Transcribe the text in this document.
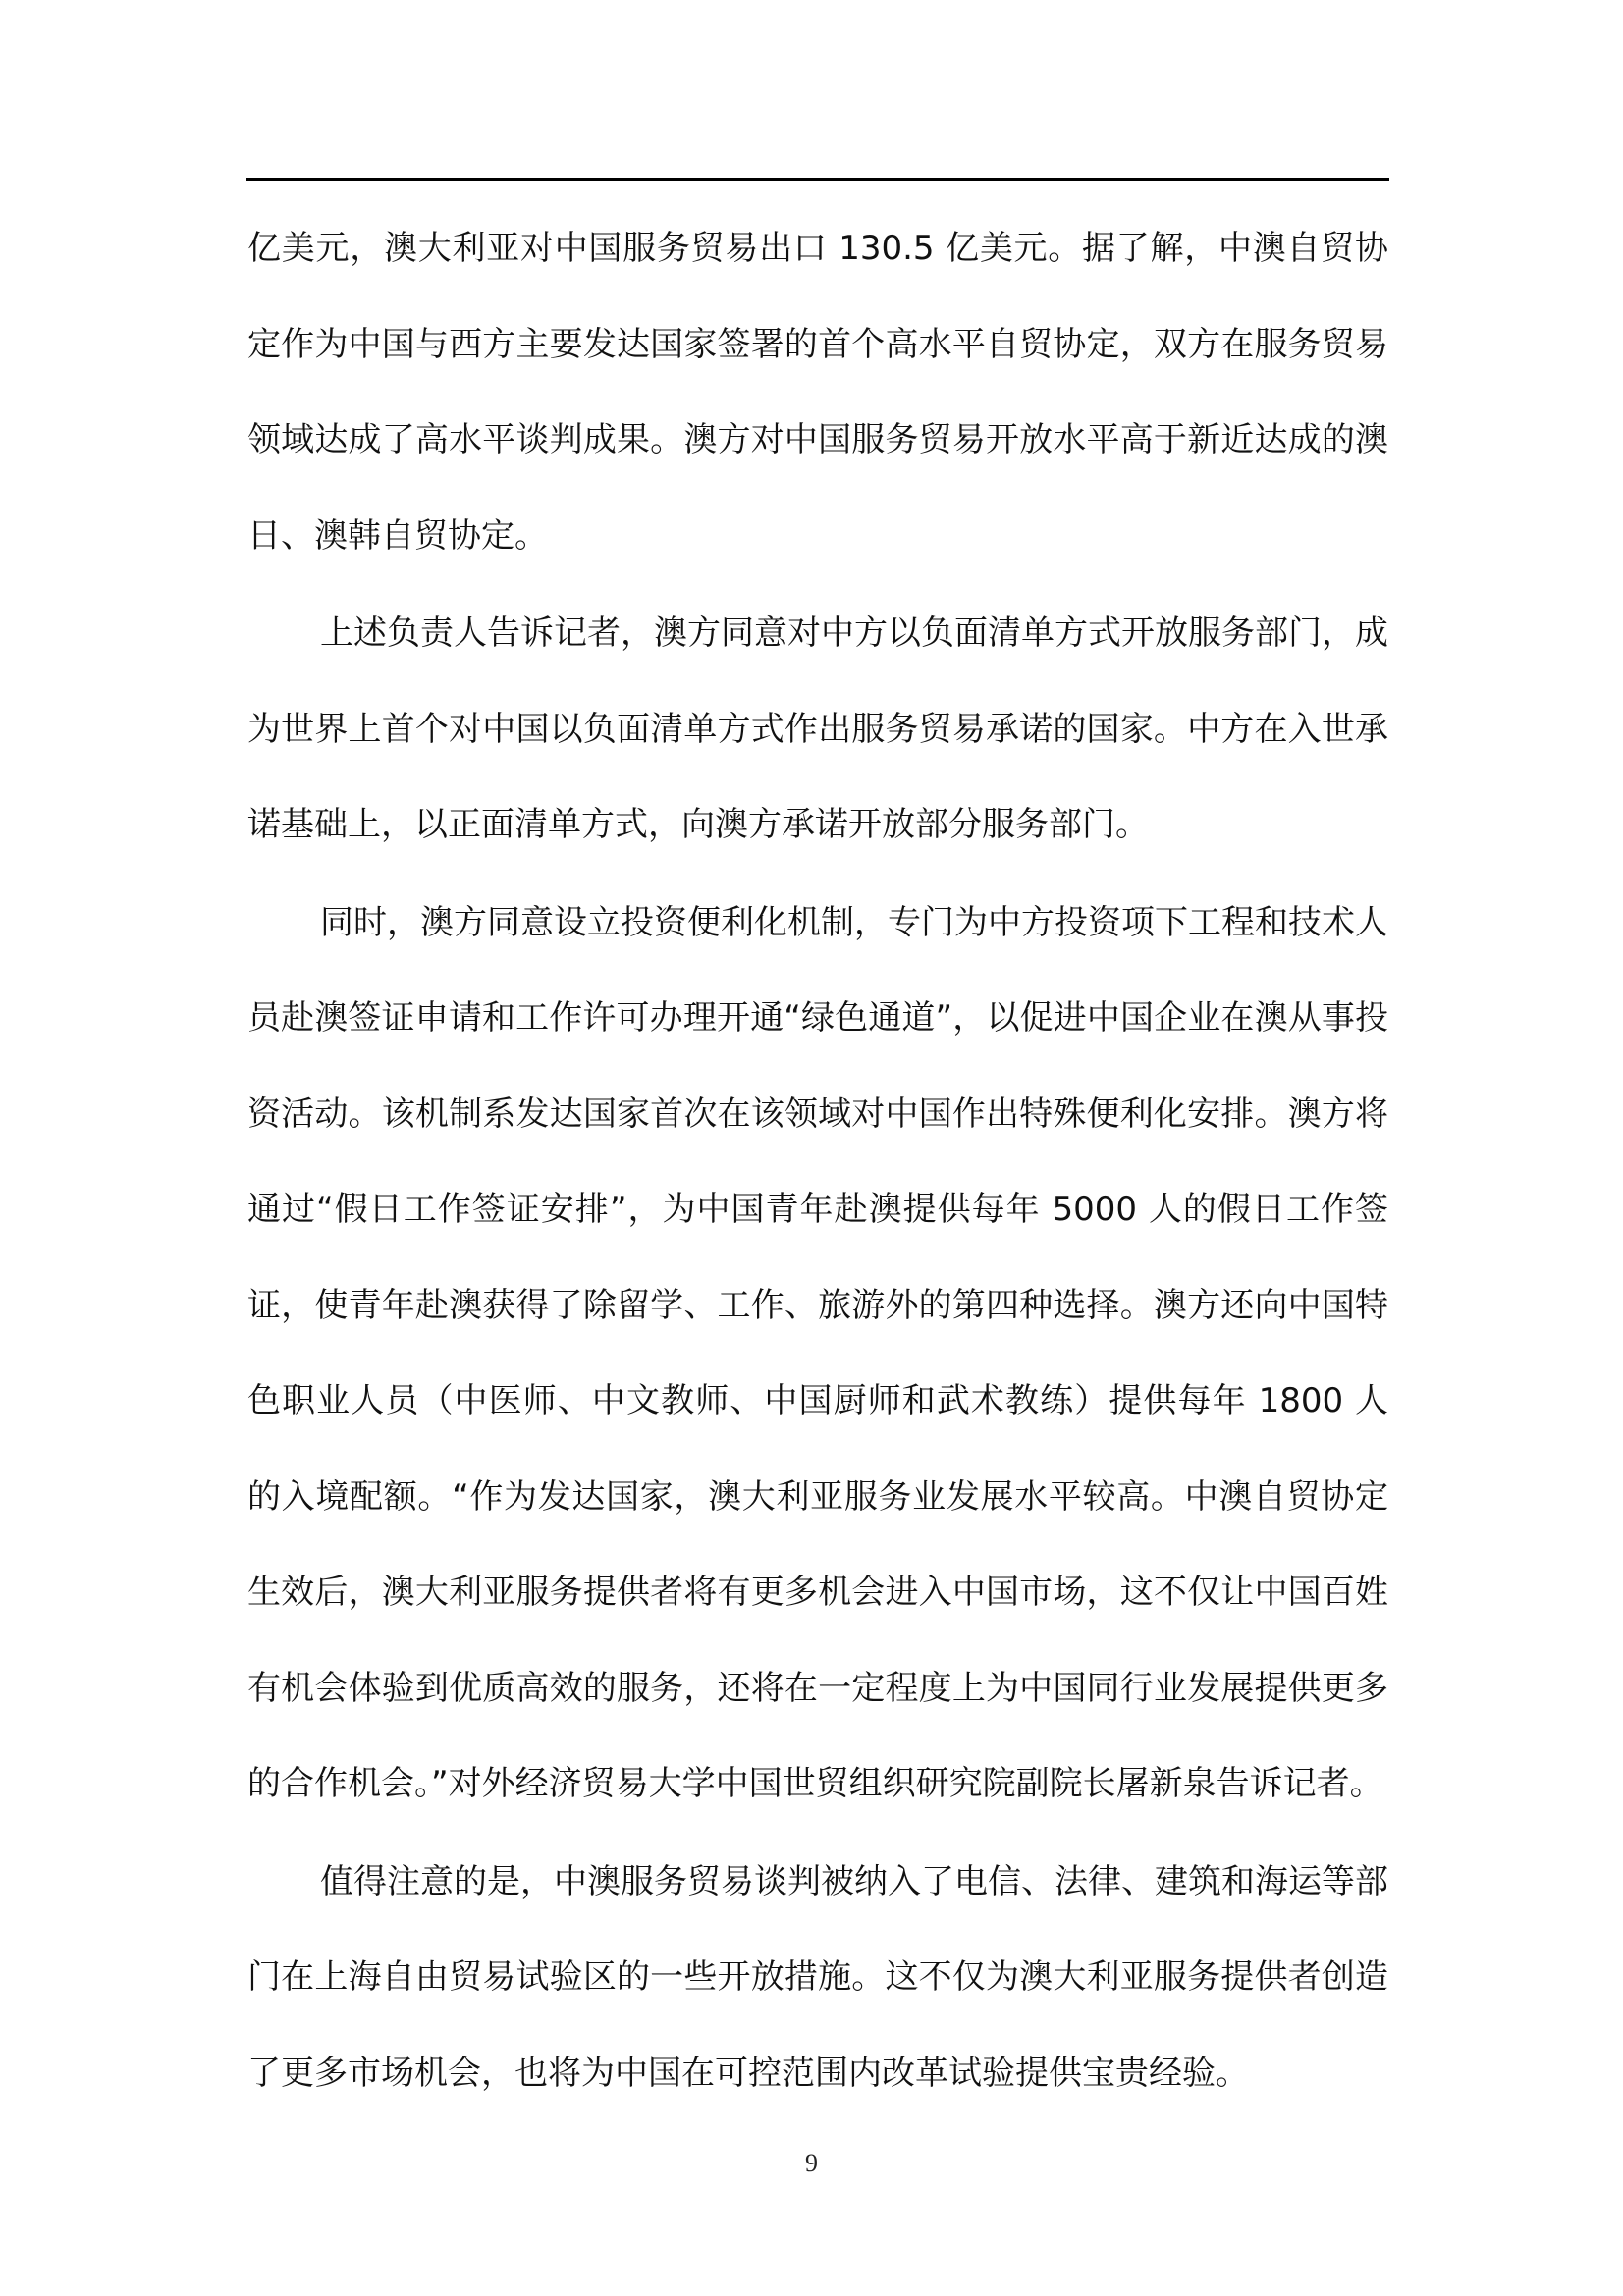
亿美元，澳大利亚对中国服务贸易出口 130.5 亿美元。据了解，中澳自贸协定作为中国与西方主要发达国家签署的首个高水平自贸协定，双方在服务贸易领域达成了高水平谈判成果。澳方对中国服务贸易开放水平高于新近达成的澳日、澳韩自贸协定。

上述负责人告诉记者，澳方同意对中方以负面清单方式开放服务部门，成为世界上首个对中国以负面清单方式作出服务贸易承诺的国家。中方在入世承诺基础上，以正面清单方式，向澳方承诺开放部分服务部门。

同时，澳方同意设立投资便利化机制，专门为中方投资项下工程和技术人员赴澳签证申请和工作许可办理开通“绿色通道”，以促进中国企业在澳从事投资活动。该机制系发达国家首次在该领域对中国作出特殊便利化安排。澳方将通过“假日工作签证安排”，为中国青年赴澳提供每年 5000 人的假日工作签证，使青年赴澳获得了除留学、工作、旅游外的第四种选择。澳方还向中国特色职业人员（中医师、中文教师、中国厨师和武术教练）提供每年 1800 人的入境配额。“作为发达国家，澳大利亚服务业发展水平较高。中澳自贸协定生效后，澳大利亚服务提供者将有更多机会进入中国市场，这不仅让中国百姓有机会体验到优质高效的服务，还将在一定程度上为中国同行业发展提供更多的合作机会。”对外经济贸易大学中国世贸组织研究院副院长屠新泉告诉记者。

值得注意的是，中澳服务贸易谈判被纳入了电信、法律、建筑和海运等部门在上海自由贸易试验区的一些开放措施。这不仅为澳大利亚服务提供者创造了更多市场机会，也将为中国在可控范围内改革试验提供宝贵经验。

9
